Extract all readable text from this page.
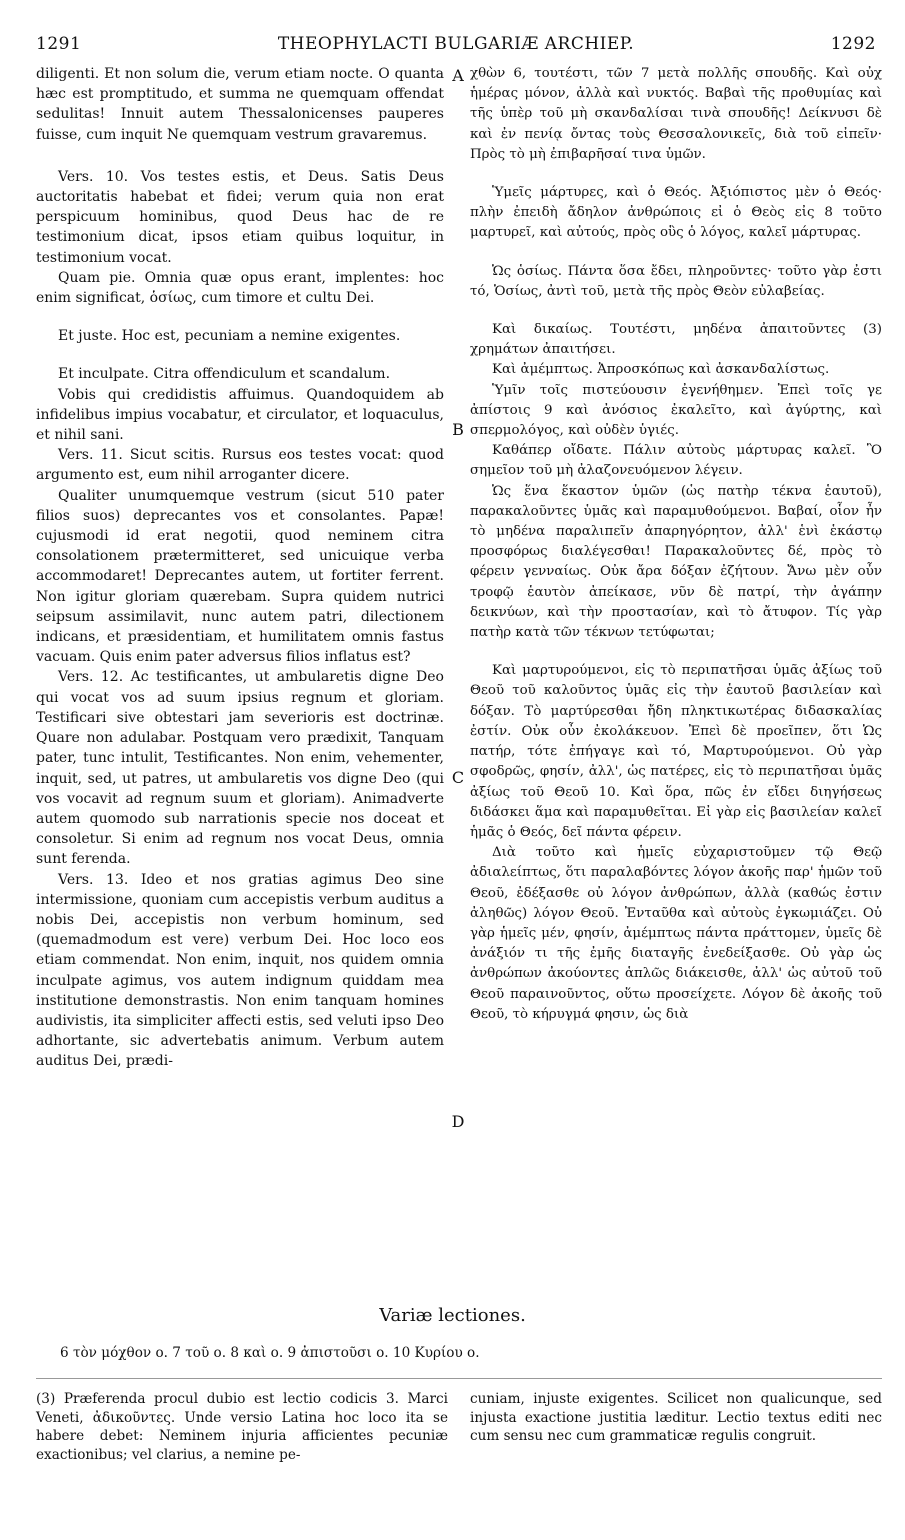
1291	THEOPHYLACTI BULGARIÆ ARCHIEP.	1292

diligenti. Et non solum die, verum etiam nocte. O quanta hæc est promptitudo, et summa ne quemquam offendat sedulitas! Innuit autem Thessalonicenses pauperes fuisse, cum inquit Ne quemquam vestrum gravaremus.

Vers. 10. Vos testes estis, et Deus. Satis Deus auctoritatis habebat et fidei; verum quia non erat perspicuum hominibus, quod Deus hac de re testimonium dicat, ipsos etiam quibus loquitur, in testimonium vocat.

Quam pie. Omnia quæ opus erant, implentes: hoc enim significat, ὁσίως, cum timore et cultu Dei.

Et juste. Hoc est, pecuniam a nemine exigentes.

Et inculpate. Citra offendiculum et scandalum.

Vobis qui credidistis affuimus. Quandoquidem ab infidelibus impius vocabatur, et circulator, et loquaculus, et nihil sani.

Vers. 11. Sicut scitis. Rursus eos testes vocat: quod argumento est, eum nihil arroganter dicere.

Qualiter unumquemque vestrum (sicut 510 pater filios suos) deprecantes vos et consolantes. Papæ! cujusmodi id erat negotii, quod neminem citra consolationem prætermitteret, sed unicuique verba accommodaret! Deprecantes autem, ut fortiter ferrent. Non igitur gloriam quærebam. Supra quidem nutrici seipsum assimilavit, nunc autem patri, dilectionem indicans, et præsidentiam, et humilitatem omnis fastus vacuam. Quis enim pater adversus filios inflatus est?

Vers. 12. Ac testificantes, ut ambularetis digne Deo qui vocat vos ad suum ipsius regnum et gloriam. Testificari sive obtestari jam severioris est doctrinæ. Quare non adulabar. Postquam vero prædixit, Tanquam pater, tunc intulit, Testificantes. Non enim, vehementer, inquit, sed, ut patres, ut ambularetis vos digne Deo (qui vos vocavit ad regnum suum et gloriam). Animadverte autem quomodo sub narrationis specie nos doceat et consoletur. Si enim ad regnum nos vocat Deus, omnia sunt ferenda.

Vers. 13. Ideo et nos gratias agimus Deo sine intermissione, quoniam cum accepistis verbum auditus a nobis Dei, accepistis non verbum hominum, sed (quemadmodum est vere) verbum Dei. Hoc loco eos etiam commendat. Non enim, inquit, nos quidem omnia inculpate agimus, vos autem indignum quiddam mea institutione demonstrastis. Non enim tanquam homines audivistis, ita simpliciter affecti estis, sed veluti ipso Deo adhortante, sic advertebatis animum. Verbum autem auditus Dei, prædi-

A
B
C
D

χθὼν 6, τουτέστι, τῶν 7 μετὰ πολλῆς σπουδῆς. Καὶ οὐχ ἡμέρας μόνον, ἀλλὰ καὶ νυκτός. Βαβαὶ τῆς προθυμίας καὶ τῆς ὑπὲρ τοῦ μὴ σκανδαλίσαι τινὰ σπουδῆς! Δείκνυσι δὲ καὶ ἐν πενίᾳ ὄντας τοὺς Θεσσαλονικεῖς, διὰ τοῦ εἰπεῖν· Πρὸς τὸ μὴ ἐπιβαρῆσαί τινα ὑμῶν.

Ὑμεῖς μάρτυρες, καὶ ὁ Θεός. Ἀξιόπιστος μὲν ὁ Θεός· πλὴν ἐπειδὴ ἄδηλον ἀνθρώποις εἰ ὁ Θεὸς εἰς 8 τοῦτο μαρτυρεῖ, καὶ αὐτούς, πρὸς οὓς ὁ λόγος, καλεῖ μάρτυρας.

Ὡς ὁσίως. Πάντα ὅσα ἔδει, πληροῦντες· τοῦτο γὰρ ἐστι τό, Ὁσίως, ἀντὶ τοῦ, μετὰ τῆς πρὸς Θεὸν εὐλαβείας.

Καὶ δικαίως. Τουτέστι, μηδένα ἀπαιτοῦντες (3) χρημάτων ἀπαιτήσει.

Καὶ ἀμέμπτως. Ἀπροσκόπως καὶ ἀσκανδαλίστως.

Ὑμῖν τοῖς πιστεύουσιν ἐγενήθημεν. Ἐπεὶ τοῖς γε ἀπίστοις 9 καὶ ἀνόσιος ἐκαλεῖτο, καὶ ἀγύρτης, καὶ σπερμολόγος, καὶ οὐδὲν ὑγιές.

Καθάπερ οἴδατε. Πάλιν αὐτοὺς μάρτυρας καλεῖ. Ὃ σημεῖον τοῦ μὴ ἀλαζονευόμενον λέγειν.

Ὡς ἕνα ἕκαστον ὑμῶν (ὡς πατὴρ τέκνα ἑαυτοῦ), παρακαλοῦντες ὑμᾶς καὶ παραμυθούμενοι. Βαβαί, οἷον ἦν τὸ μηδένα παραλιπεῖν ἀπαρηγόρητον, ἀλλ' ἑνὶ ἑκάστῳ προσφόρως διαλέγεσθαι! Παρακαλοῦντες δέ, πρὸς τὸ φέρειν γενναίως. Οὐκ ἄρα δόξαν ἐζήτουν. Ἄνω μὲν οὖν τροφῷ ἑαυτὸν ἀπείκασε, νῦν δὲ πατρί, τὴν ἀγάπην δεικνύων, καὶ τὴν προστασίαν, καὶ τὸ ἄτυφον. Τίς γὰρ πατὴρ κατὰ τῶν τέκνων τετύφωται;

Καὶ μαρτυρούμενοι, εἰς τὸ περιπατῆσαι ὑμᾶς ἀξίως τοῦ Θεοῦ τοῦ καλοῦντος ὑμᾶς εἰς τὴν ἑαυτοῦ βασιλείαν καὶ δόξαν. Τὸ μαρτύρεσθαι ἤδη πληκτικωτέρας διδασκαλίας ἐστίν. Οὐκ οὖν ἐκολάκευον. Ἐπεὶ δὲ προεῖπεν, ὅτι Ὡς πατήρ, τότε ἐπήγαγε καὶ τό, Μαρτυρούμενοι. Οὐ γὰρ σφοδρῶς, φησίν, ἀλλ', ὡς πατέρες, εἰς τὸ περιπατῆσαι ὑμᾶς ἀξίως τοῦ Θεοῦ 10. Καὶ ὅρα, πῶς ἐν εἴδει διηγήσεως διδάσκει ἅμα καὶ παραμυθεῖται. Εἰ γὰρ εἰς βασιλείαν καλεῖ ἡμᾶς ὁ Θεός, δεῖ πάντα φέρειν.

Διὰ τοῦτο καὶ ἡμεῖς εὐχαριστοῦμεν τῷ Θεῷ ἀδιαλείπτως, ὅτι παραλαβόντες λόγον ἀκοῆς παρ' ἡμῶν τοῦ Θεοῦ, ἐδέξασθε οὐ λόγον ἀνθρώπων, ἀλλὰ (καθώς ἐστιν ἀληθῶς) λόγον Θεοῦ. Ἐνταῦθα καὶ αὐτοὺς ἐγκωμιάζει. Οὐ γὰρ ἡμεῖς μέν, φησίν, ἀμέμπτως πάντα πράττομεν, ὑμεῖς δὲ ἀνάξιόν τι τῆς ἐμῆς διαταγῆς ἐνεδείξασθε. Οὐ γὰρ ὡς ἀνθρώπων ἀκούοντες ἁπλῶς διάκεισθε, ἀλλ' ὡς αὐτοῦ τοῦ Θεοῦ παραινοῦντος, οὕτω προσείχετε. Λόγον δὲ ἀκοῆς τοῦ Θεοῦ, τὸ κήρυγμά φησιν, ὡς διὰ

Variæ lectiones.
6 τὸν μόχθον ο. 7 τοῦ ο. 8 καὶ ο. 9 ἀπιστοῦσι ο. 10 Κυρίου ο.
(3) Præferenda procul dubio est lectio codicis 3. Marci Veneti, ἀδικοῦντες. Unde versio Latina hoc loco ita se habere debet: Neminem injuria afficientes pecuniæ exactionibus; vel clarius, a nemine pe-
cuniam, injuste exigentes. Scilicet non qualicunque, sed injusta exactione justitia læditur. Lectio textus editi nec cum sensu nec cum grammaticæ regulis congruit.
